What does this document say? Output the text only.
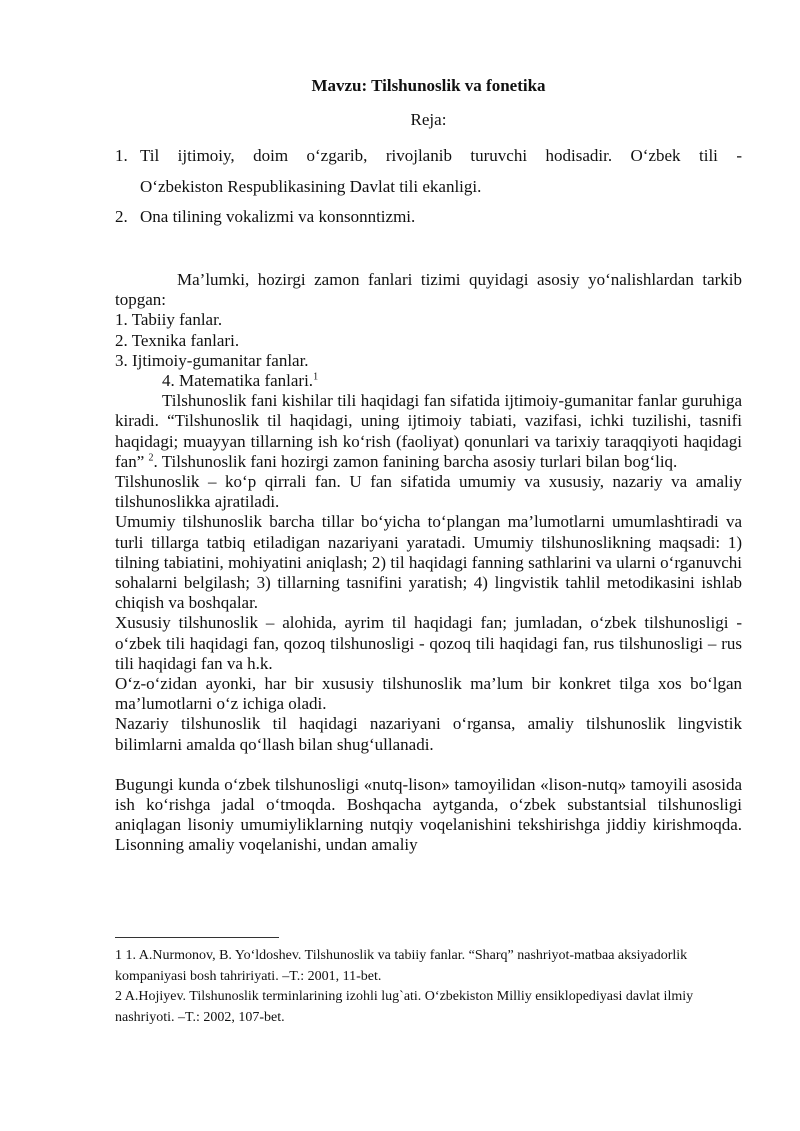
Mavzu: Tilshunoslik va fonetika
Reja:
1. Til ijtimoiy, doim o‘zgarib, rivojlanib turuvchi hodisadir. O‘zbek tili -
O‘zbekiston Respublikasining Davlat tili ekanligi.
2. Ona tilining vokalizmi va konsonntizmi.

Ma’lumki, hozirgi zamon fanlari tizimi quyidagi asosiy yo‘nalishlardan tarkib topgan:

1. Tabiiy fanlar.

2. Texnika fanlari.

3. Ijtimoiy-gumanitar fanlar.

4. Matematika fanlari.$^1$

Tilshunoslik fani kishilar tili haqidagi fan sifatida ijtimoiy-gumanitar fanlar guruhiga kiradi. “Tilshunoslik til haqidagi, uning ijtimoiy tabiati, vazifasi, ichki tuzilishi, tasnifi haqidagi; muayyan tillarning ish ko‘rish (faoliyat) qonunlari va tarixiy taraqqiyoti haqidagi fan” $^2$. Tilshunoslik fani hozirgi zamon fanining barcha asosiy turlari bilan bog‘liq.

Tilshunoslik – ko‘p qirrali fan. U fan sifatida umumiy va xususiy, nazariy va amaliy tilshunoslikka ajratiladi.

Umumiy tilshunoslik barcha tillar bo‘yicha to‘plangan ma’lumotlarni umumlashtiradi va turli tillarga tatbiq etiladigan nazariyani yaratadi. Umumiy tilshunoslikning maqsadi: 1) tilning tabiatini, mohiyatini aniqlash; 2) til haqidagi fanning sathlarini va ularni o‘rganuvchi sohalarni belgilash; 3) tillarning tasnifini yaratish; 4) lingvistik tahlil metodikasini ishlab chiqish va boshqalar.

Xususiy tilshunoslik – alohida, ayrim til haqidagi fan; jumladan, o‘zbek tilshunosligi - o‘zbek tili haqidagi fan, qozoq tilshunosligi - qozoq tili haqidagi fan, rus tilshunosligi – rus tili haqidagi fan va h.k.

O‘z-o‘zidan ayonki, har bir xususiy tilshunoslik ma’lum bir konkret tilga xos bo‘lgan ma’lumotlarni o‘z ichiga oladi.

Nazariy tilshunoslik til haqidagi nazariyani o‘rgansa, amaliy tilshunoslik lingvistik bilimlarni amalda qo‘llash bilan shug‘ullanadi.

Bugungi kunda o‘zbek tilshunosligi «nutq-lison» tamoyilidan «lison-nutq» tamoyili asosida ish ko‘rishga jadal o‘tmoqda. Boshqacha aytganda, o‘zbek substantsial tilshunosligi aniqlagan lisoniy umumiyliklarning nutqiy voqelanishini tekshirishga jiddiy kirishmoqda. Lisonning amaliy voqelanishi, undan amaliy

1 1. A.Nurmonov, B. Yo‘ldoshev. Tilshunoslik va tabiiy fanlar. “Sharq” nashriyot-matbaa aksiyadorlik kompaniyasi bosh tahririyati. –T.: 2001, 11-bet.

2 A.Hojiyev. Tilshunoslik terminlarining izohli lug`ati. O‘zbekiston Milliy ensiklopediyasi davlat ilmiy nashriyoti. –T.: 2002, 107-bet.
